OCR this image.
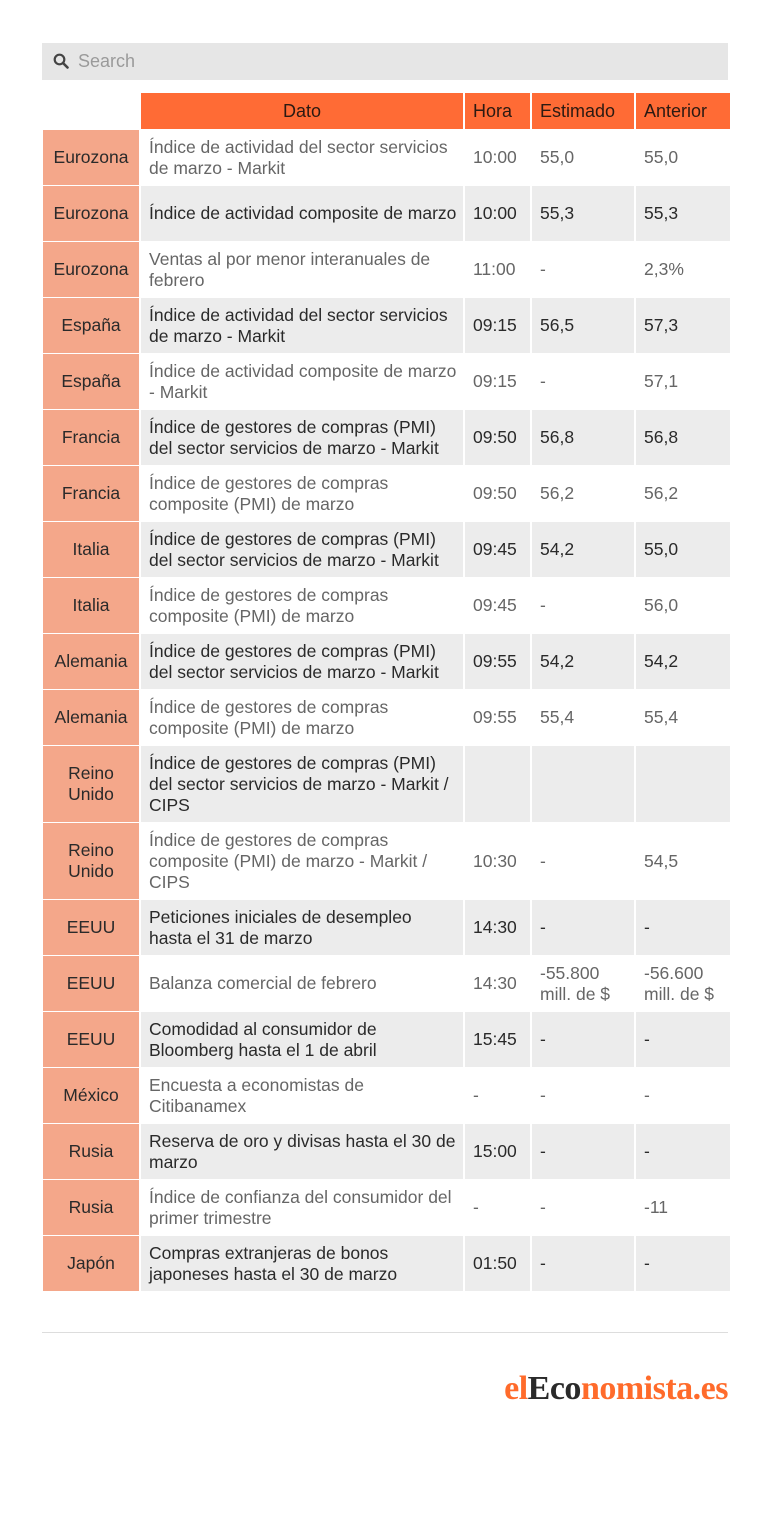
Search
	Dato	Hora	Estimado	Anterior
Eurozona	Índice de actividad del sector servicios de marzo - Markit	10:00	55,0	55,0
Eurozona	Índice de actividad composite de marzo	10:00	55,3	55,3
Eurozona	Ventas al por menor interanuales de febrero	11:00	-	2,3%
España	Índice de actividad del sector servicios de marzo - Markit	09:15	56,5	57,3
España	Índice de actividad composite de marzo - Markit	09:15	-	57,1
Francia	Índice de gestores de compras (PMI) del sector servicios de marzo - Markit	09:50	56,8	56,8
Francia	Índice de gestores de compras composite (PMI) de marzo	09:50	56,2	56,2
Italia	Índice de gestores de compras (PMI) del sector servicios de marzo - Markit	09:45	54,2	55,0
Italia	Índice de gestores de compras composite (PMI) de marzo	09:45	-	56,0
Alemania	Índice de gestores de compras (PMI) del sector servicios de marzo - Markit	09:55	54,2	54,2
Alemania	Índice de gestores de compras composite (PMI) de marzo	09:55	55,4	55,4
Reino Unido	Índice de gestores de compras (PMI) del sector servicios de marzo - Markit / CIPS			
Reino Unido	Índice de gestores de compras composite (PMI) de marzo - Markit / CIPS	10:30	-	54,5
EEUU	Peticiones iniciales de desempleo hasta el 31 de marzo	14:30	-	-
EEUU	Balanza comercial de febrero	14:30	-55.800 mill. de $	-56.600 mill. de $
EEUU	Comodidad al consumidor de Bloomberg hasta el 1 de abril	15:45	-	-
México	Encuesta a economistas de Citibanamex	-	-	-
Rusia	Reserva de oro y divisas hasta el 30 de marzo	15:00	-	-
Rusia	Índice de confianza del consumidor del primer trimestre	-	-	-11
Japón	Compras extranjeras de bonos japoneses hasta el 30 de marzo	01:50	-	-
elEconomista.es
